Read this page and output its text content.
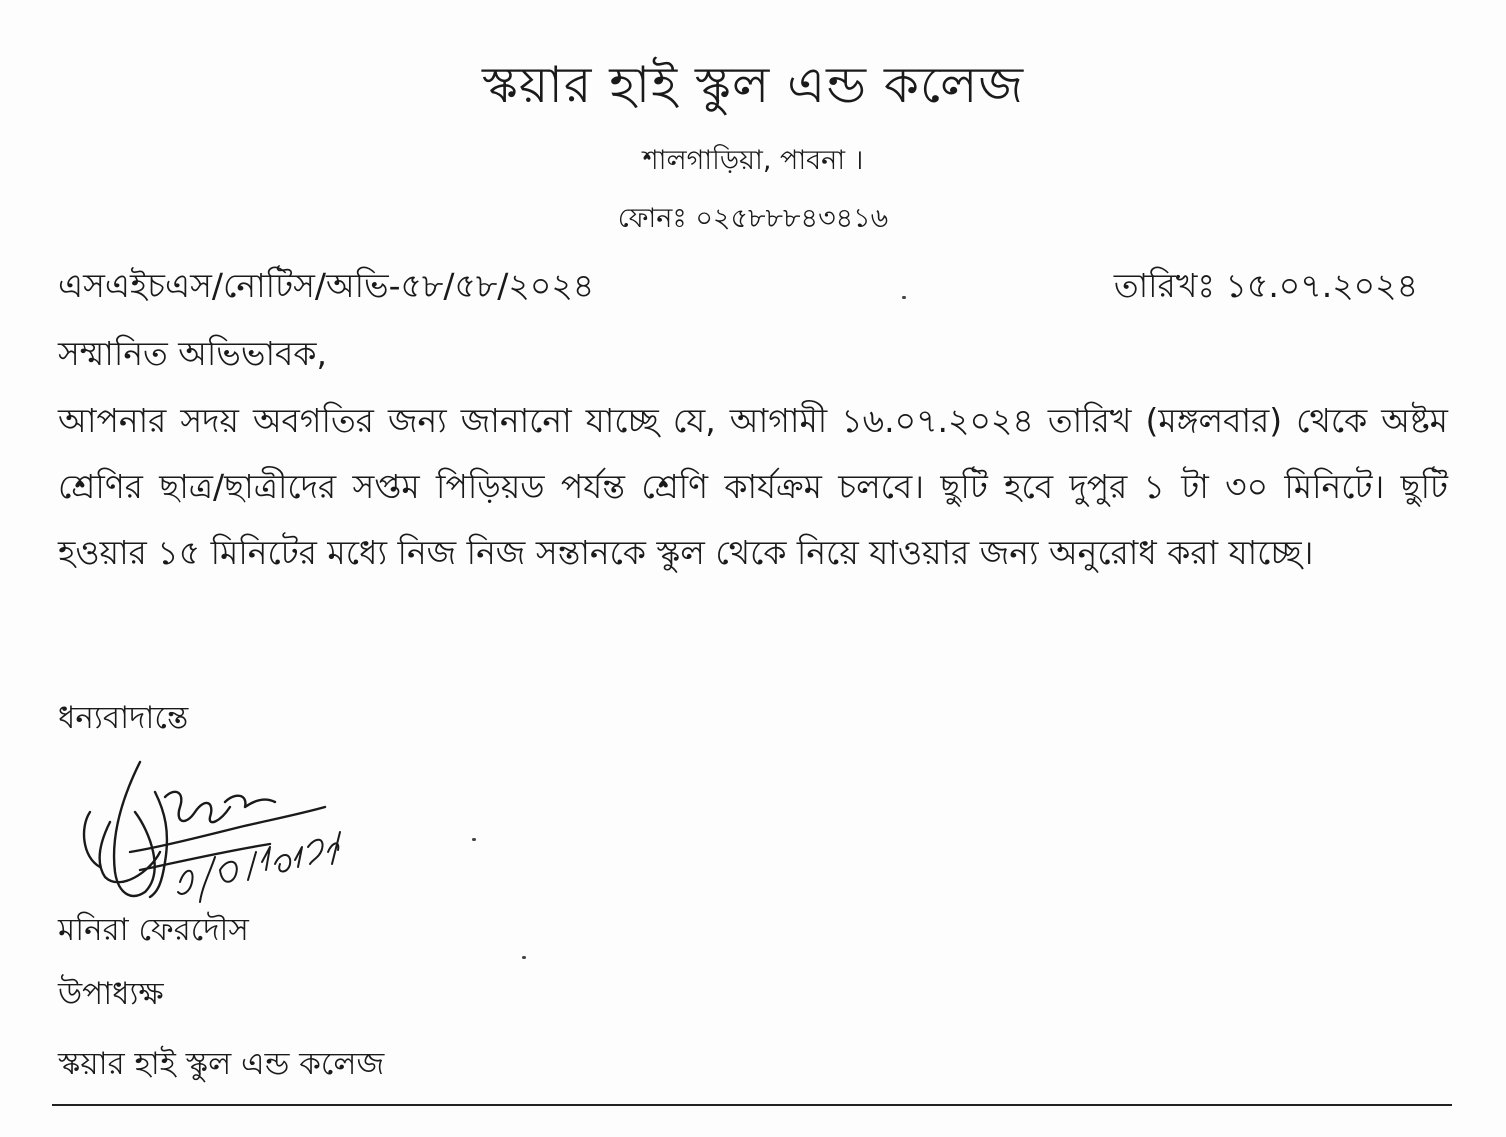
স্কয়ার হাই স্কুল এন্ড কলেজ
শালগাড়িয়া, পাবনা ।
ফোনঃ ০২৫৮৮৮৪৩৪১৬
এসএইচএস/নোটিস/অভি-৫৮/৫৮/২০২৪	তারিখঃ ১৫.০৭.২০২৪
সম্মানিত অভিভাবক,
আপনার সদয় অবগতির জন্য জানানো যাচ্ছে যে, আগামী ১৬.০৭.২০২৪ তারিখ (মঙ্গলবার) থেকে অষ্টম শ্রেণির ছাত্র/ছাত্রীদের সপ্তম পিড়িয়ড পর্যন্ত শ্রেণি কার্যক্রম চলবে। ছুটি হবে দুপুর ১ টা ৩০ মিনিটে। ছুটি হওয়ার ১৫ মিনিটের মধ্যে নিজ নিজ সন্তানকে স্কুল থেকে নিয়ে যাওয়ার জন্য অনুরোধ করা যাচ্ছে।
ধন্যবাদান্তে
মনিরা ফেরদৌস
উপাধ্যক্ষ
স্কয়ার হাই স্কুল এন্ড কলেজ
